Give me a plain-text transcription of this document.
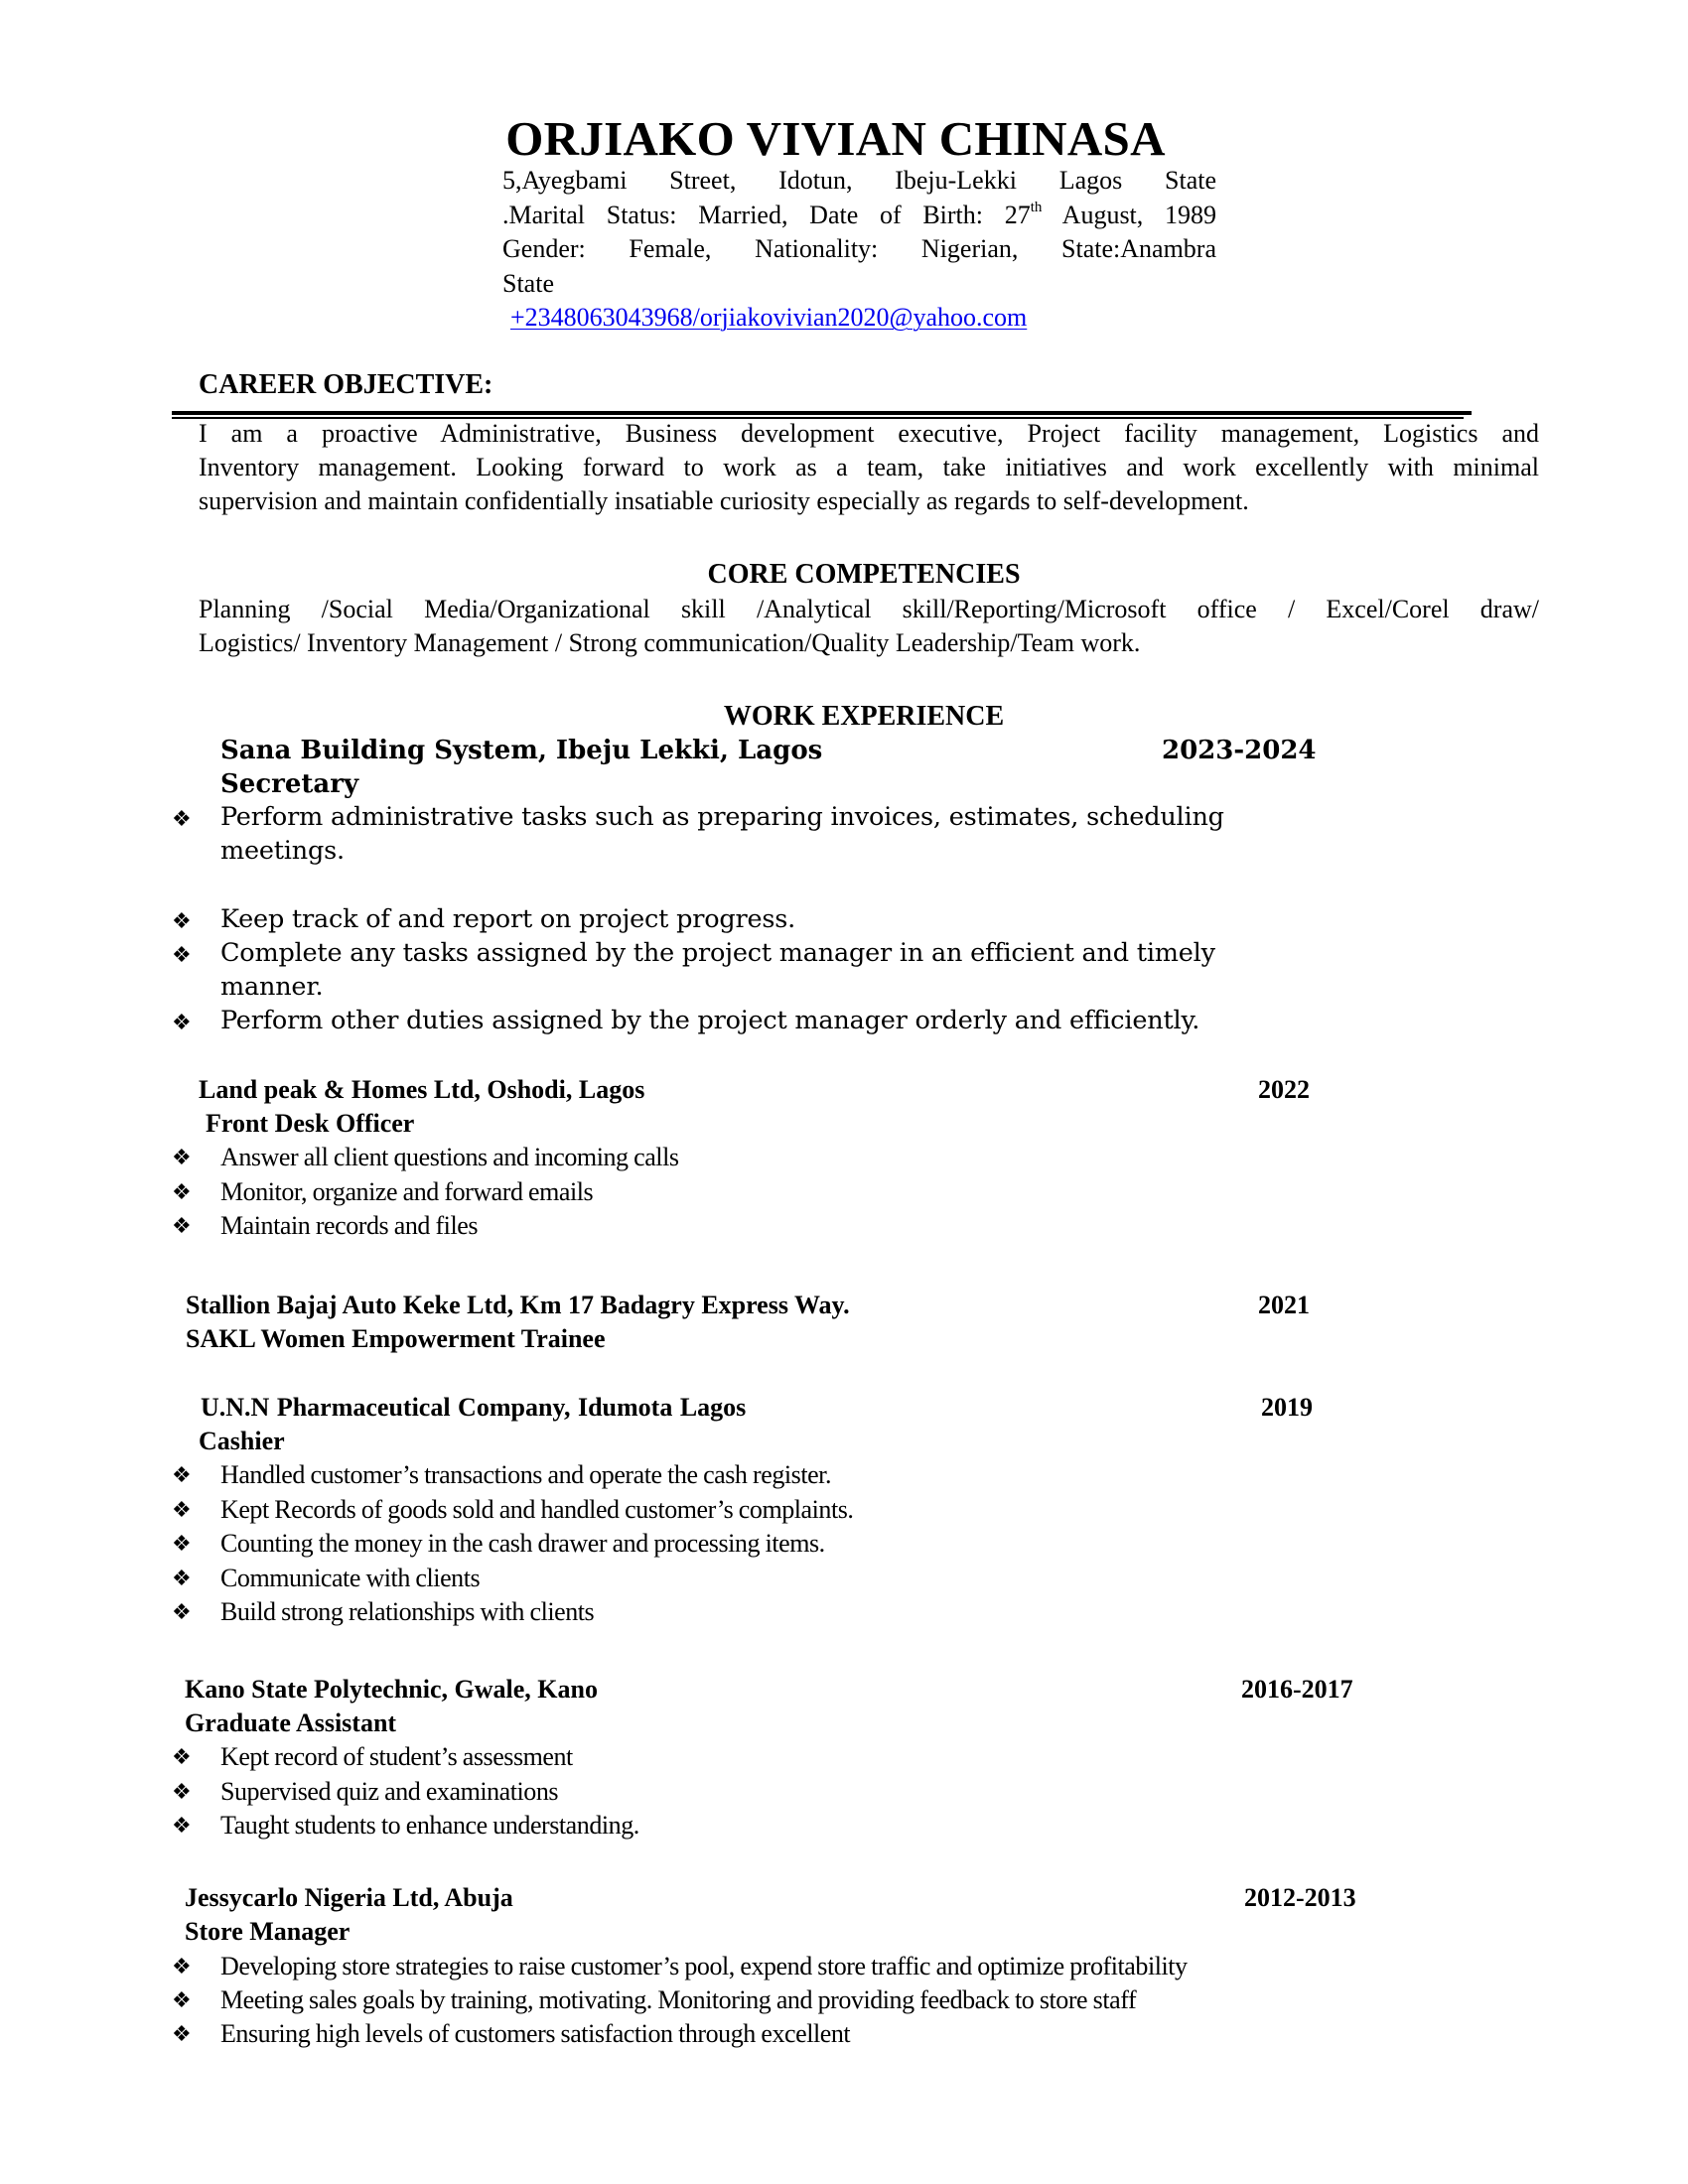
ORJIAKO VIVIAN CHINASA
5,Ayegbami Street, Idotun, Ibeju-Lekki Lagos State
.Marital Status: Married, Date of Birth: 27th August, 1989
Gender: Female, Nationality: Nigerian, State:Anambra
State
+2348063043968/orjiakovivian2020@yahoo.com
CAREER OBJECTIVE:
I am a proactive Administrative, Business development executive, Project facility management, Logistics and
Inventory management. Looking forward to work as a team, take initiatives and work excellently with minimal
supervision and maintain confidentially insatiable curiosity especially as regards to self-development.
CORE COMPETENCIES
Planning /Social Media/Organizational skill /Analytical skill/Reporting/Microsoft office / Excel/Corel draw/
Logistics/ Inventory Management / Strong communication/Quality Leadership/Team work.
WORK EXPERIENCE
Sana Building System, Ibeju Lekki, Lagos	2023-2024
Secretary
❖ Perform administrative tasks such as preparing invoices, estimates, scheduling
meetings.
❖ Keep track of and report on project progress.
❖ Complete any tasks assigned by the project manager in an efficient and timely
manner.
❖ Perform other duties assigned by the project manager orderly and efficiently.
Land peak & Homes Ltd, Oshodi, Lagos	2022
Front Desk Officer
❖ Answer all client questions and incoming calls
❖ Monitor, organize and forward emails
❖ Maintain records and files
Stallion Bajaj Auto Keke Ltd, Km 17 Badagry Express Way.	2021
SAKL Women Empowerment Trainee
U.N.N Pharmaceutical Company, Idumota Lagos	2019
Cashier
❖ Handled customer’s transactions and operate the cash register.
❖ Kept Records of goods sold and handled customer’s complaints.
❖ Counting the money in the cash drawer and processing items.
❖ Communicate with clients
❖ Build strong relationships with clients
Kano State Polytechnic, Gwale, Kano	2016-2017
Graduate Assistant
❖ Kept record of student’s assessment
❖ Supervised quiz and examinations
❖ Taught students to enhance understanding.
Jessycarlo Nigeria Ltd, Abuja	2012-2013
Store Manager
❖ Developing store strategies to raise customer’s pool, expend store traffic and optimize profitability
❖ Meeting sales goals by training, motivating. Monitoring and providing feedback to store staff
❖ Ensuring high levels of customers satisfaction through excellent
